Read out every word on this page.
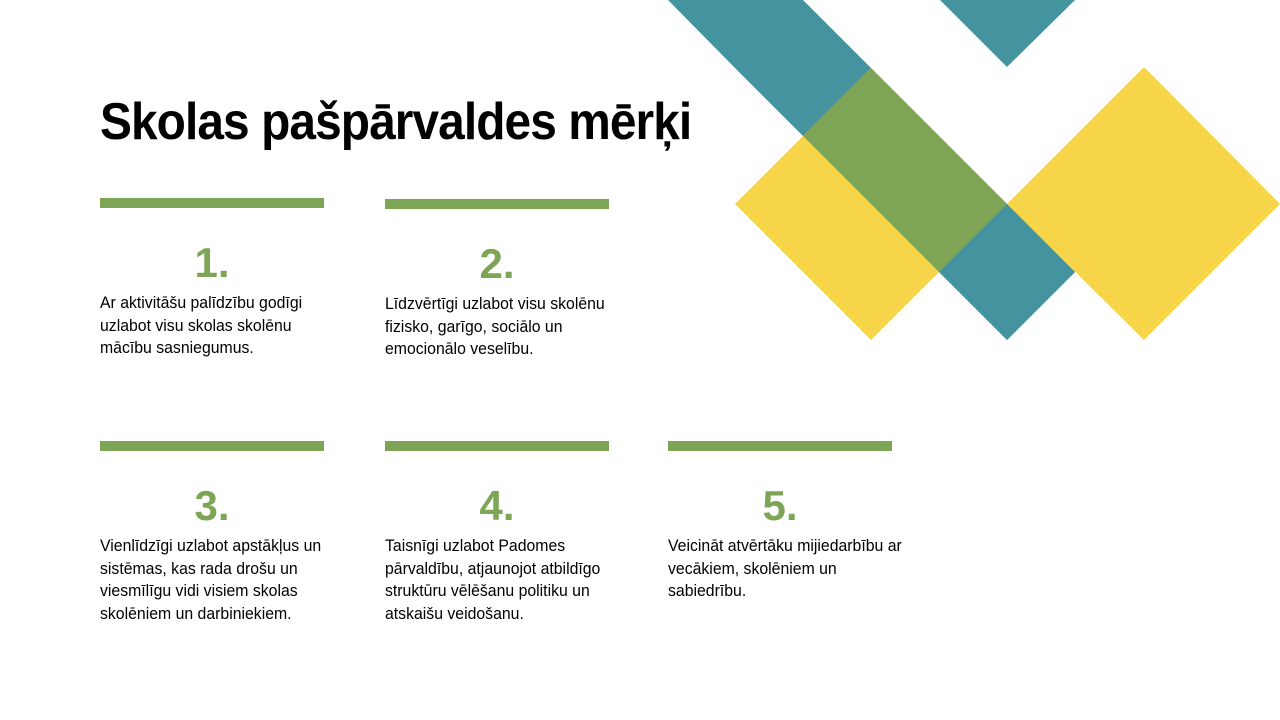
Skolas pašpārvaldes mērķi
1.
Ar aktivitāšu palīdzību godīgi uzlabot visu skolas skolēnu mācību sasniegumus.
2.
Līdzvērtīgi uzlabot visu skolēnu fizisko, garīgo, sociālo un emocionālo veselību.
3.
Vienlīdzīgi uzlabot apstākļus un sistēmas, kas rada drošu un viesmīlīgu vidi visiem skolas skolēniem un darbiniekiem.
4.
Taisnīgi uzlabot Padomes pārvaldību, atjaunojot atbildīgo struktūru vēlēšanu politiku un atskaišu veidošanu.
5.
Veicināt atvērtāku mijiedarbību ar vecākiem, skolēniem un sabiedrību.
